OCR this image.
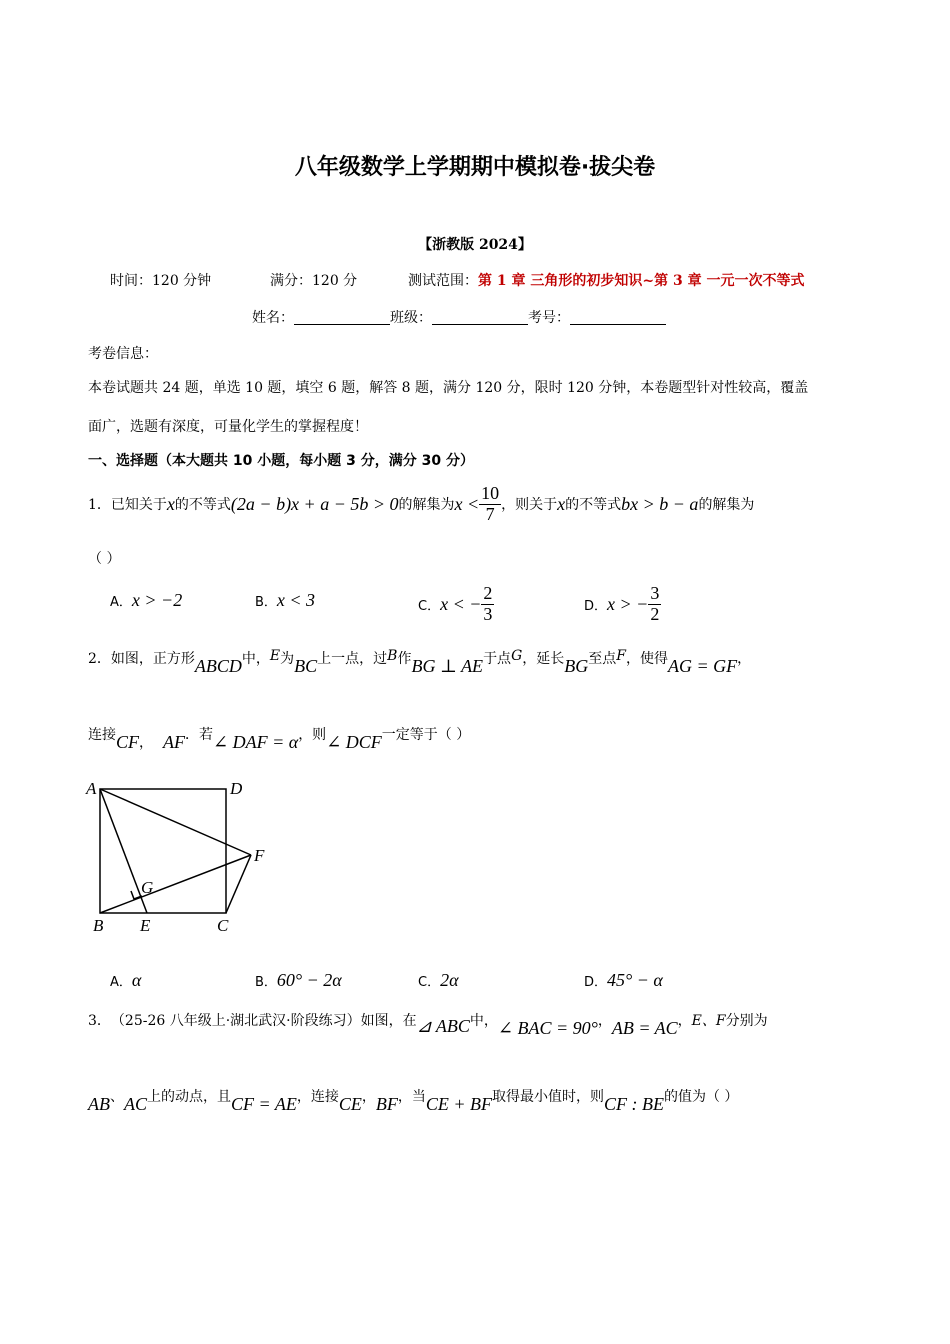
八年级数学上学期期中模拟卷·拔尖卷
【浙教版 2024】
时间：120 分钟	满分：120 分	测试范围：第 1 章 三角形的初步知识~第 3 章 一元一次不等式
姓名：	班级：	考号：
考卷信息：
本卷试题共 24 题，单选 10 题，填空 6 题，解答 8 题，满分 120 分，限时 120 分钟，本卷题型针对性较高，覆盖
面广，选题有深度，可量化学生的掌握程度！
一、选择题（本大题共 10 小题，每小题 3 分，满分 30 分）
1． 已知关于 x 的不等式 (2a − b)x + a − 5b > 0 的解集为 $x < \frac{10}{7}$ ，则关于 x 的不等式 bx > b − a 的解集为
（ ）
A． x > −2	B． x < 3	C． x < − $\frac{2}{3}$	D． x > − $\frac{3}{2}$
2． 如图，正方形 ABCD 中， E 为 BC 上一点，过 B 作 BG ⊥ AE 于点 G ，延长 BG 至点 F ，使得 AG = GF ，
连接 CF ， AF ．若 ∠ DAF = α ，则 ∠ DCF 一定等于（ ）
A	D
F
G
B E	C
A． α	B． 60° − 2α	C． 2α	D． 45° − α
3． （25-26 八年级上·湖北武汉·阶段练习）如图，在 ⊿ ABC 中， ∠ BAC = 90° ， AB = AC ， E、F 分别为
AB 、 AC 上的动点，且 CF = AE ，连接 CE ， BF ，当 CE + BF 取得最小值时，则 CF : BE 的值为（ ）
